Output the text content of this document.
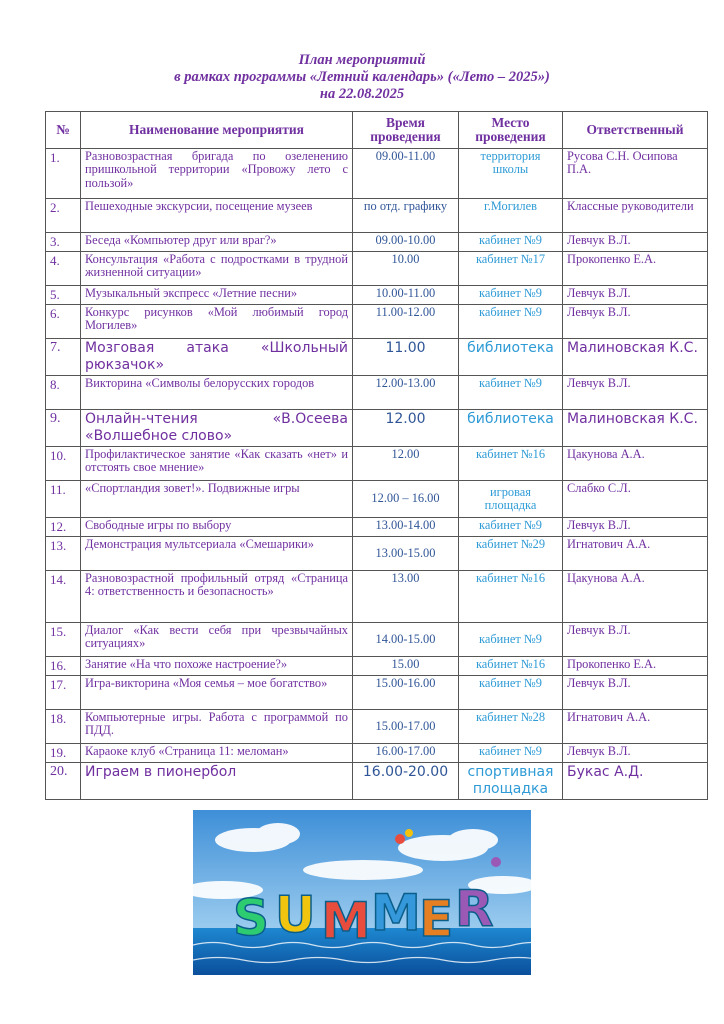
План мероприятий
в рамках программы «Летний календарь» («Лето – 2025»)
на 22.08.2025
№	Наименование мероприятия	Время проведения	Место проведения	Ответственный
1.	Разновозрастная бригада по озеленению пришкольной территории «Провожу лето с пользой»	09.00-11.00	территория школы	Русова С.Н. Осипова П.А.
2.	Пешеходные экскурсии, посещение музеев	по отд. графику	г.Могилев	Классные руководители
3.	Беседа «Компьютер друг или враг?»	09.00-10.00	кабинет №9	Левчук В.Л.
4.	Консультация «Работа с подростками в трудной жизненной ситуации»	10.00	кабинет №17	Прокопенко Е.А.
5.	Музыкальный экспресс «Летние песни»	10.00-11.00	кабинет №9	Левчук В.Л.
6.	Конкурс рисунков «Мой любимый город Могилев»	11.00-12.00	кабинет №9	Левчук В.Л.
7.	Мозговая атака «Школьный рюкзачок»	11.00	библиотека	Малиновская К.С.
8.	Викторина «Символы белорусских городов	12.00-13.00	кабинет №9	Левчук В.Л.
9.	Онлайн-чтения «В.Осеева «Волшебное слово»	12.00	библиотека	Малиновская К.С.
10.	Профилактическое занятие «Как сказать «нет» и отстоять свое мнение»	12.00	кабинет №16	Цакунова А.А.
11.	«Спортландия зовет!». Подвижные игры	12.00 – 16.00	игровая площадка	Слабко С.Л.
12.	Свободные игры по выбору	13.00-14.00	кабинет №9	Левчук В.Л.
13.	Демонстрация мультсериала «Смешарики»	13.00-15.00	кабинет №29	Игнатович А.А.
14.	Разновозрастной профильный отряд «Страница 4: ответственность и безопасность»	13.00	кабинет №16	Цакунова А.А.
15.	Диалог «Как вести себя при чрезвычайных ситуациях»	14.00-15.00	кабинет №9	Левчук В.Л.
16.	Занятие «На что похоже настроение?»	15.00	кабинет №16	Прокопенко Е.А.
17.	Игра-викторина «Моя семья – мое богатство»	15.00-16.00	кабинет №9	Левчук В.Л.
18.	Компьютерные игры. Работа с программой по ПДД.	15.00-17.00	кабинет №28	Игнатович А.А.
19.	Караоке клуб «Страница 11: меломан»	16.00-17.00	кабинет №9	Левчук В.Л.
20.	Играем в пионербол	16.00-20.00	спортивная площадка	Букас А.Д.
S U M M
E R
